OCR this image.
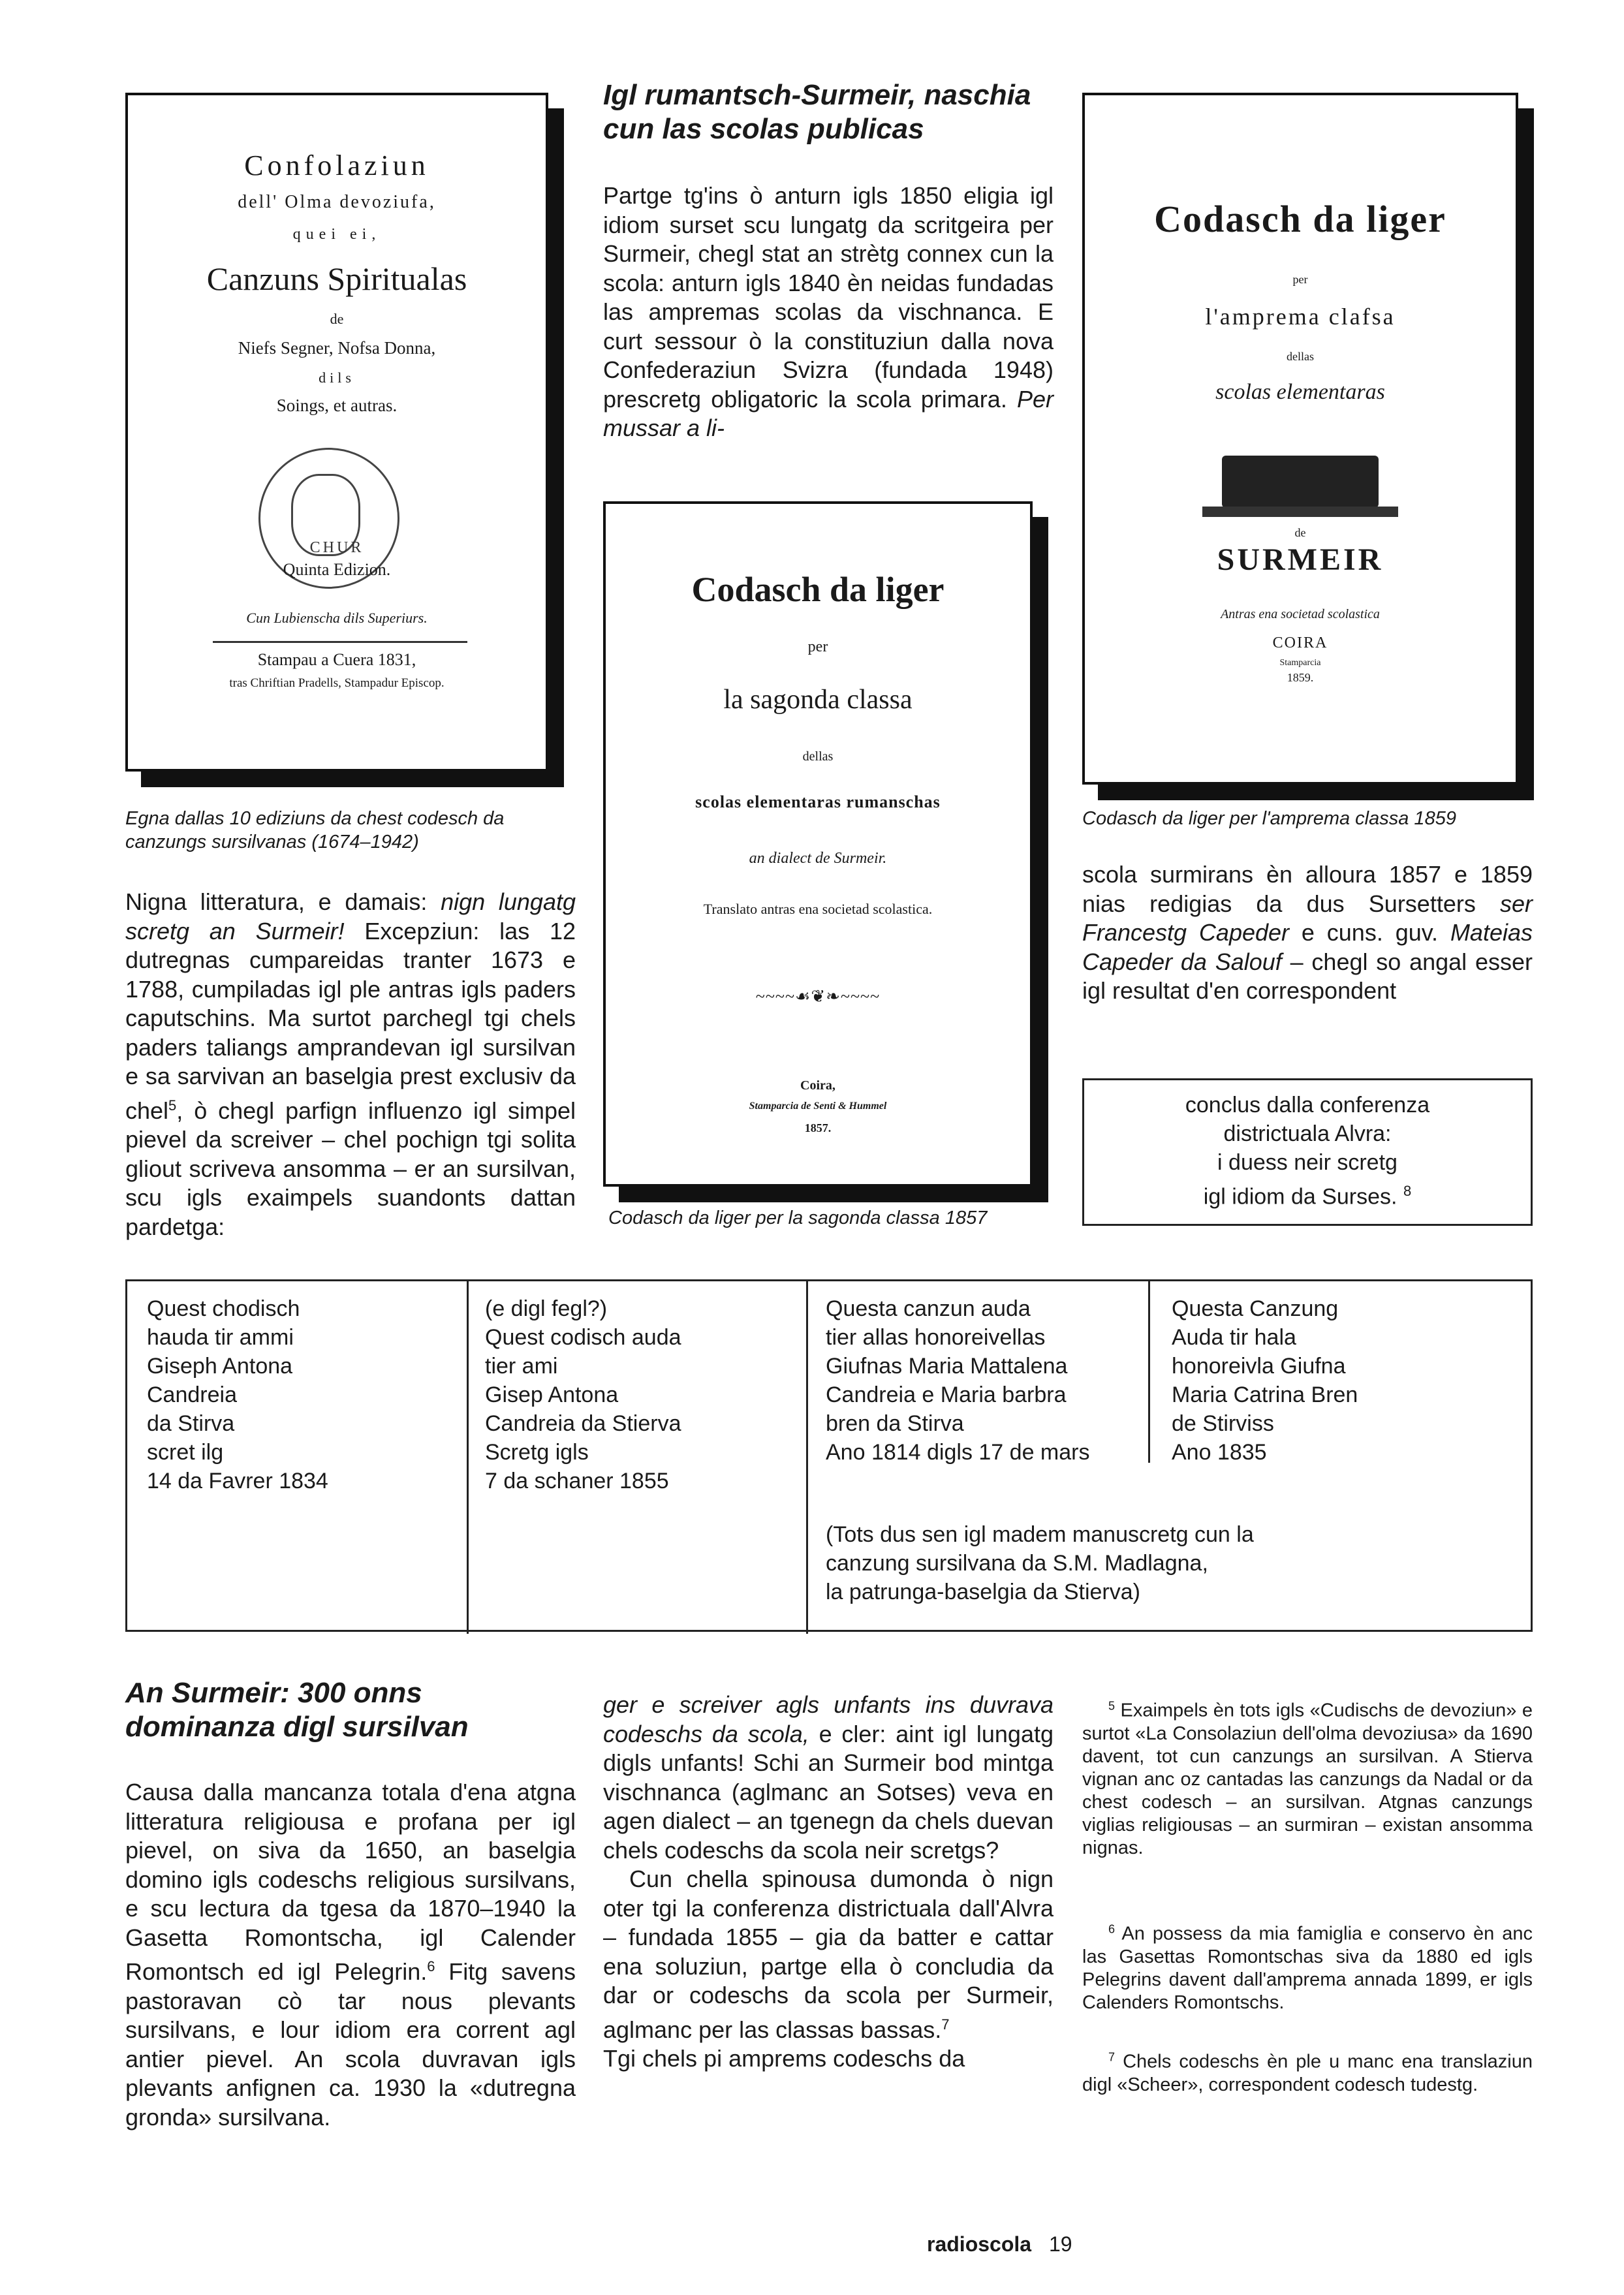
Confolaziun
dell' Olma devoziufa,
quei ei,
Canzuns Spiritualas
de
Niefs Segner, Nofsa Donna,
dils
Soings, et autras.
CHUR
Quinta Edizion.
Cun Lubienscha dils Superiurs.
Stampau a Cuera 1831,
tras Chriftian Pradells, Stampadur Episcop.
Egna dallas 10 ediziuns da chest codesch da canzungs sursilvanas (1674–1942)

Nigna litteratura, e damais: nign lungatg scretg an Surmeir! Excepziun: las 12 dutregnas cumpareidas tranter 1673 e 1788, cumpiladas igl ple antras igls paders caputschins. Ma surtot parchegl tgi chels paders taliangs amprandevan igl sursilvan e sa sarvivan an baselgia prest exclusiv da chel$^5$, ò chegl parfign influenzo igl simpel pievel da screiver – chel pochign tgi solita gliout scriveva ansomma – er an sursilvan, scu igls exaimpels suandonts dattan pardetga:

Igl rumantsch-Surmeir, naschia cun las scolas publicas

Partge tg'ins ò anturn igls 1850 eligia igl idiom surset scu lungatg da scritgeira per Surmeir, chegl stat an strètg connex cun la scola: anturn igls 1840 èn neidas fundadas las ampremas scolas da vischnanca. E curt sessour ò la constituziun dalla nova Confederaziun Svizra (fundada 1948) prescretg obligatoric la scola primara. Per mussar a li-

Codasch da liger
per
la sagonda classa
dellas
scolas elementaras rumanschas
an dialect de Surmeir.
Translato antras ena societad scolastica.
~~~~☙❦❧~~~~
Coira,
Stamparcia de Senti & Hummel
1857.
Codasch da liger per la sagonda classa 1857
Codasch da liger
per
l'amprema clafsa
dellas
scolas elementaras
de
SURMEIR
Antras ena societad scolastica
COIRA
Stamparcia
1859.
Codasch da liger per l'amprema classa 1859

scola surmirans èn alloura 1857 e 1859 nias redigias da dus Sursetters ser Francestg Capeder e cuns. guv. Mateias Capeder da Salouf – chegl so angal esser igl resultat d'en correspondent

conclus dalla conferenza
districtuala Alvra:
i duess neir scretg
igl idiom da Surses. $^8$
Quest chodisch
hauda tir ammi
Giseph Antona
Candreia
da Stirva
scret ilg
14 da Favrer 1834
(e digl fegl?)
Quest codisch auda
tier ami
Gisep Antona
Candreia da Stierva
Scretg igls
7 da schaner 1855
Questa canzun auda
tier allas honoreivellas
Giufnas Maria Mattalena
Candreia e Maria barbra
bren da Stirva
Ano 1814 digls 17 de mars
Questa Canzung
Auda tir hala
honoreivla Giufna
Maria Catrina Bren
de Stirviss
Ano 1835
(Tots dus sen igl madem manuscretg cun la
canzung sursilvana da S.M. Madlagna,
la patrunga-baselgia da Stierva)
An Surmeir: 300 onns dominanza digl sursilvan

Causa dalla mancanza totala d'ena atgna litteratura religiousa e profana per igl pievel, on siva da 1650, an baselgia domino igls codeschs religious sursilvans, e scu lectura da tgesa da 1870–1940 la Gasetta Romontscha, igl Calender Romontsch ed igl Pelegrin.$^6$ Fitg savens pastoravan cò tar nous plevants sursilvans, e lour idiom era corrent agl antier pievel. An scola duvravan igls plevants anfignen ca. 1930 la «dutregna gronda» sursilvana.

ger e screiver agls unfants ins duvrava codeschs da scola, e cler: aint igl lungatg digls unfants! Schi an Surmeir bod mintga vischnanca (aglmanc an Sotses) veva en agen dialect – an tgenegn da chels duevan chels codeschs da scola neir scretgs?

Cun chella spinousa dumonda ò nign oter tgi la conferenza districtuala dall'Alvra – fundada 1855 – gia da batter e cattar ena soluziun, partge ella ò concludia da dar or codeschs da scola per Surmeir, aglmanc per las classas bassas.$^7$

Tgi chels pi amprems codeschs da

$^5$ Exaimpels èn tots igls «Cudischs de devoziun» e surtot «La Consolaziun dell'olma devoziusa» da 1690 davent, tot cun canzungs an sursilvan. A Stierva vignan anc oz cantadas las canzungs da Nadal or da chest codesch – an sursilvan. Atgnas canzungs viglias religiousas – an surmiran – existan ansomma nignas.
$^6$ An possess da mia famiglia e conservo èn anc las Gasettas Romontschas siva da 1880 ed igls Pelegrins davent dall'amprema annada 1899, er igls Calenders Romontschs.
$^7$ Chels codeschs èn ple u manc ena translaziun digl «Scheer», correspondent codesch tudestg.
radioscola 19
